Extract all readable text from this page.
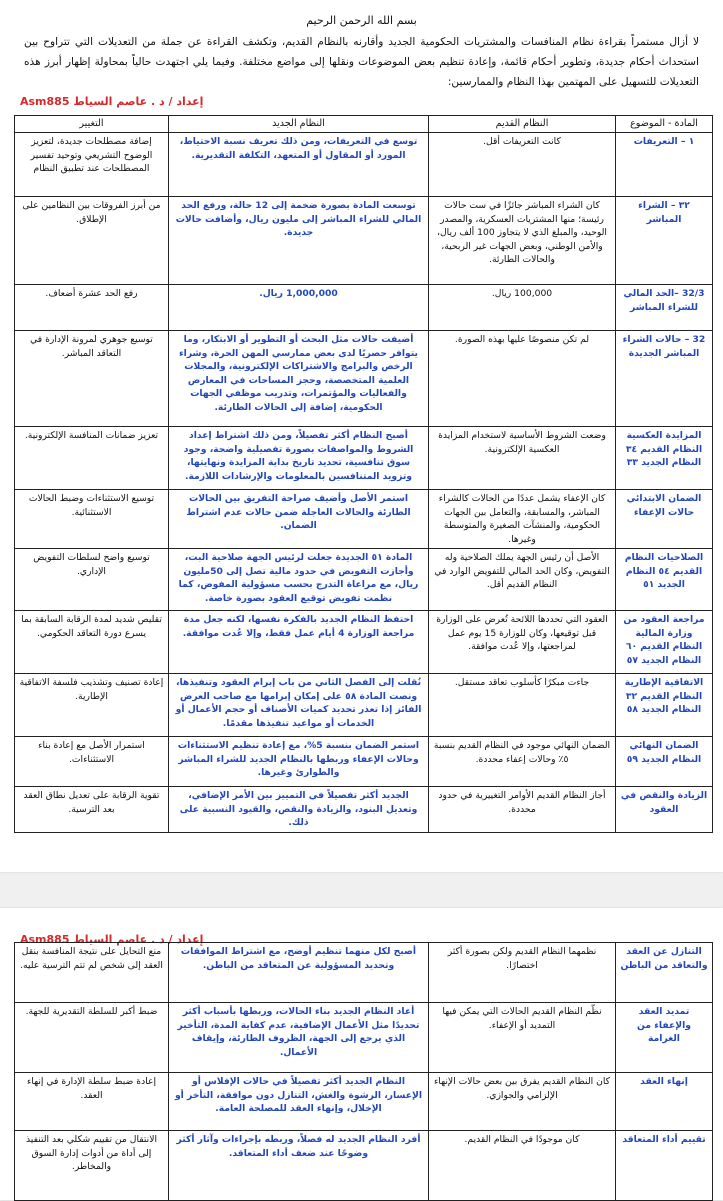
بسم الله الرحمن الرحيم
لا أزال مستمراً بقراءة نظام المنافسات والمشتريات الحكومية الجديد وأقارنه بالنظام القديم، وتكشف القراءة عن جملة من التعديلات التي تتراوح بين استحداث أحكام جديدة، وتطوير أحكام قائمة، وإعادة تنظيم بعض الموضوعات ونقلها إلى مواضع مختلفة. وفيما يلي اجتهدت حالياً بمحاولة إظهار أبرز هذه التعديلات للتسهيل على المهتمين بهذا النظام والممارسين:
إعداد / د . عاصم السياط Asm885
المادة - الموضوع	النظام القديم	النظام الجديد	التغيير
١ – التعريفات	كانت التعريفات أقل.	توسع في التعريفات، ومن ذلك تعريف نسبة الاحتياط، المورد أو المقاول أو المتعهد، التكلفة التقديرية.	إضافة مصطلحات جديدة، لتعزيز الوضوح التشريعي وتوحيد تفسير المصطلحات عند تطبيق النظام
٣٢ – الشراء المباشر	كان الشراء المباشر جائزًا في ست حالات رئيسة؛ منها المشتريات العسكرية، والمصدر الوحيد، والمبلغ الذي لا يتجاوز 100 ألف ريال، والأمن الوطني، وبعض الجهات غير الربحية، والحالات الطارئة.	توسعت المادة بصورة ضخمة إلى 12 حالة، ورفع الحد المالي للشراء المباشر إلى مليون ريال، وأضافت حالات جديدة.	من أبرز الفروقات بين النظامين على الإطلاق.
32/3 –الحد المالي للشراء المباشر	100,000 ريال.	1,000,000 ريال.	رفع الحد عشرة أضعاف.
32 – حالات الشراء المباشر الجديدة	لم تكن منصوصًا عليها بهذه الصورة.	أضيفت حالات مثل البحث أو التطوير أو الابتكار، وما يتوافر حصريًا لدى بعض ممارسي المهن الحرة، وشراء الرخص والبرامج والاشتراكات الإلكترونية، والمجلات العلمية المتخصصة، وحجز المساحات في المعارض والفعاليات والمؤتمرات، وتدريب موظفي الجهات الحكومية، إضافة إلى الحالات الطارئة.	توسيع جوهري لمرونة الإدارة في التعاقد المباشر.
المزايدة العكسية النظام القديم ٣٤ النظام الجديد ٣٣	وضعت الشروط الأساسية لاستخدام المزايدة العكسية الإلكترونية.	أصبح النظام أكثر تفصيلاً، ومن ذلك اشتراط إعداد الشروط والمواصفات بصورة تفصيلية واضحة، وجود سوق تنافسية، تحديد تاريخ بداية المزايدة ونهايتها، وتزويد المتنافسين بالمعلومات والإرشادات اللازمة.	تعزيز ضمانات المنافسة الإلكترونية.
الضمان الابتدائي حالات الإعفاء	كان الإعفاء يشمل عددًا من الحالات كالشراء المباشر، والمسابقة، والتعامل بين الجهات الحكومية، والمنشآت الصغيرة والمتوسطة وغيرها.	استمر الأصل وأضيف صراحة التفريق بين الحالات الطارئة والحالات العاجلة ضمن حالات عدم اشتراط الضمان.	توسيع الاستثناءات وضبط الحالات الاستثنائية.
الصلاحيات النظام القديم ٥٤ النظام الجديد ٥١	الأصل أن رئيس الجهة يملك الصلاحية وله التفويض، وكان الحد المالي للتفويض الوارد في النظام القديم أقل.	المادة ٥١ الجديدة جعلت لرئيس الجهة صلاحية البت، وأجازت التفويض في حدود مالية تصل إلى 50مليون ريال، مع مراعاة التدرج بحسب مسؤولية المفوض، كما نظمت تفويض توقيع العقود بصورة خاصة.	توسيع واضح لسلطات التفويض الإداري.
مراجعة العقود من وزارة المالية النظام القديم ٦٠ النظام الجديد ٥٧	العقود التي تحددها اللائحة تُعرض على الوزارة قبل توقيعها، وكان للوزارة 15 يوم عمل لمراجعتها، وإلا عُدت موافقة.	احتفظ النظام الجديد بالفكرة نفسها، لكنه جعل مدة مراجعة الوزارة 4 أيام عمل فقط، وإلا عُدت موافقة.	تقليص شديد لمدة الرقابة السابقة بما يسرع دورة التعاقد الحكومي.
الاتفاقية الإطارية النظام القديم ٣٢ النظام الجديد ٥٨	جاءت مبكرًا كأسلوب تعاقد مستقل.	نُقلت إلى الفصل الثاني من باب إبرام العقود وتنفيذها، ونصت المادة ٥٨ على إمكان إبرامها مع صاحب العرض الفائز إذا تعذر تحديد كميات الأصناف أو حجم الأعمال أو الخدمات أو مواعيد تنفيذها مقدمًا.	إعادة تصنيف وتشذيب فلسفة الاتفاقية الإطارية.
الضمان النهائي النظام الجديد ٥٩	الضمان النهائي موجود في النظام القديم بنسبة ٥٪ وحالات إعفاء محددة.	استمر الضمان بنسبة 5%، مع إعادة تنظيم الاستثناءات وحالات الإعفاء وربطها بالنظام الجديد للشراء المباشر والطوارئ وغيرها.	استمرار الأصل مع إعادة بناء الاستثناءات.
الزيادة والنقص في العقود	أجاز النظام القديم الأوامر التغييرية في حدود محددة.	الجديد أكثر تفصيلاً في التمييز بين الأمر الإضافي، وتعديل البنود، والزيادة والنقص، والقيود النسبية على ذلك.	تقوية الرقابة على تعديل نطاق العقد بعد الترسية.
إعداد / د . عاصم السياط Asm885
التنازل عن العقد والتعاقد من الباطن	نظمهما النظام القديم ولكن بصورة أكثر اختصارًا.	أصبح لكل منهما تنظيم أوضح، مع اشتراط الموافقات وتحديد المسؤولية عن المتعاقد من الباطن.	منع التحايل على نتيجة المنافسة بنقل العقد إلى شخص لم تتم الترسية عليه.
تمديد العقد والإعفاء من الغرامة	نظّم النظام القديم الحالات التي يمكن فيها التمديد أو الإعفاء.	أعاد النظام الجديد بناء الحالات، وربطها بأسباب أكثر تحديدًا مثل الأعمال الإضافية، عدم كفاية المدة، التأخير الذي يرجع إلى الجهة، الظروف الطارئة، وإيقاف الأعمال.	ضبط أكبر للسلطة التقديرية للجهة.
إنهاء العقد	كان النظام القديم يفرق بين بعض حالات الإنهاء الإلزامي والجوازي.	النظام الجديد أكثر تفصيلاً في حالات الإفلاس أو الإعسار، الرشوة والغش، التنازل دون موافقة، التأخر أو الإخلال، وإنهاء العقد للمصلحة العامة.	إعادة ضبط سلطة الإدارة في إنهاء العقد.
تقييم أداء المتعاقد	كان موجودًا في النظام القديم.	أفرد النظام الجديد له فصلاً، وربطه بإجراءات وآثار أكثر وضوحًا عند ضعف أداء المتعاقد.	الانتقال من تقييم شكلي بعد التنفيذ إلى أداة من أدوات إدارة السوق والمخاطر.
